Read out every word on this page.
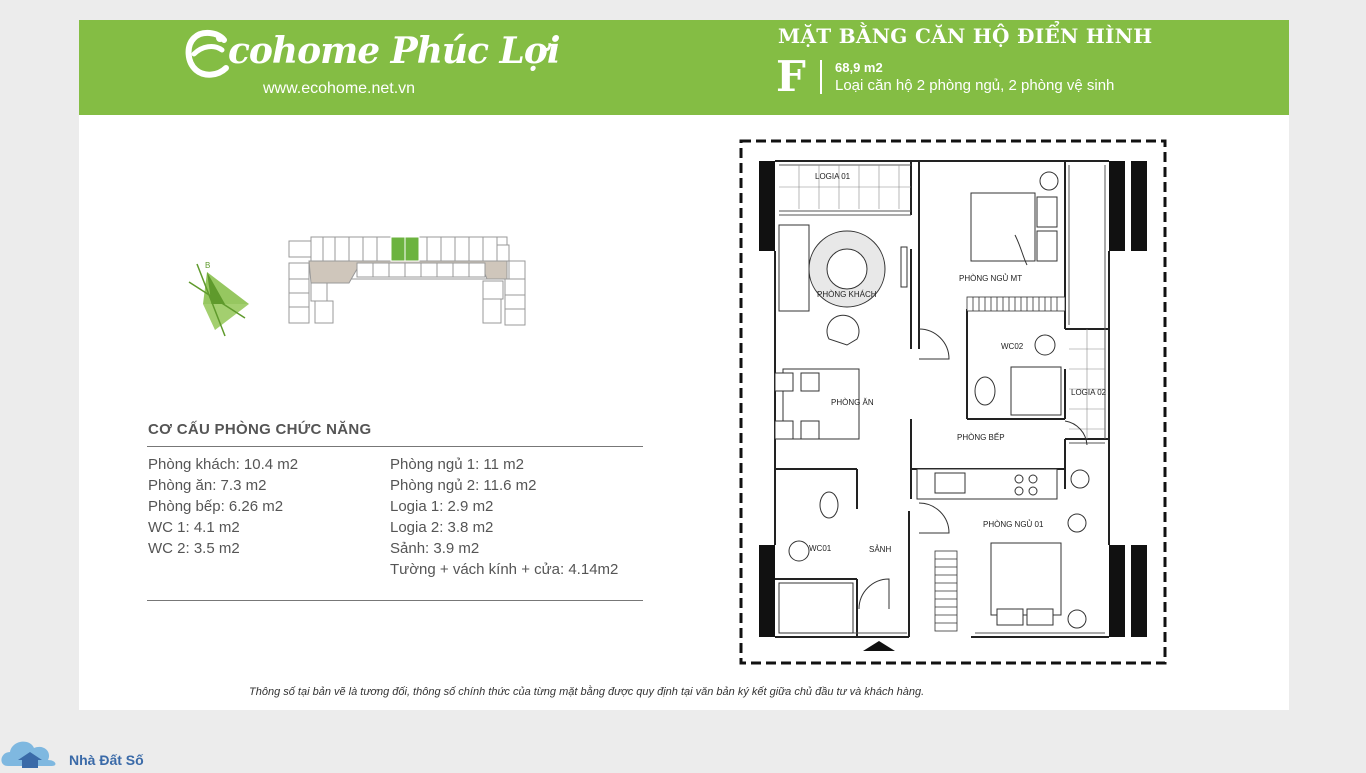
cohome Phúc Lợi
www.ecohome.net.vn
MẶT BẰNG CĂN HỘ ĐIỂN HÌNH
F 68,9 m2
Loại căn hộ 2 phòng ngủ, 2 phòng vệ sinh
B
CƠ CẤU PHÒNG CHỨC NĂNG
Phòng khách: 10.4 m2
Phòng ăn: 7.3 m2
Phòng bếp: 6.26 m2
WC 1: 4.1 m2
WC 2: 3.5 m2
Phòng ngủ 1: 11 m2
Phòng ngủ 2: 11.6 m2
Logia 1: 2.9 m2
Logia 2: 3.8 m2
Sảnh: 3.9 m2
Tường + vách kính + cửa: 4.14m2
LOGIA 01
PHÒNG KHÁCH
PHÒNG NGỦ MT
WC02
LOGIA 02
PHÒNG ĂN
PHÒNG BẾP
PHÒNG NGỦ 01
WC01	SẢNH
Thông số tại bản vẽ là tương đối, thông số chính thức của từng mặt bằng được quy định tại văn bản ký kết giữa chủ đầu tư và khách hàng.
Nhà Đất Số
